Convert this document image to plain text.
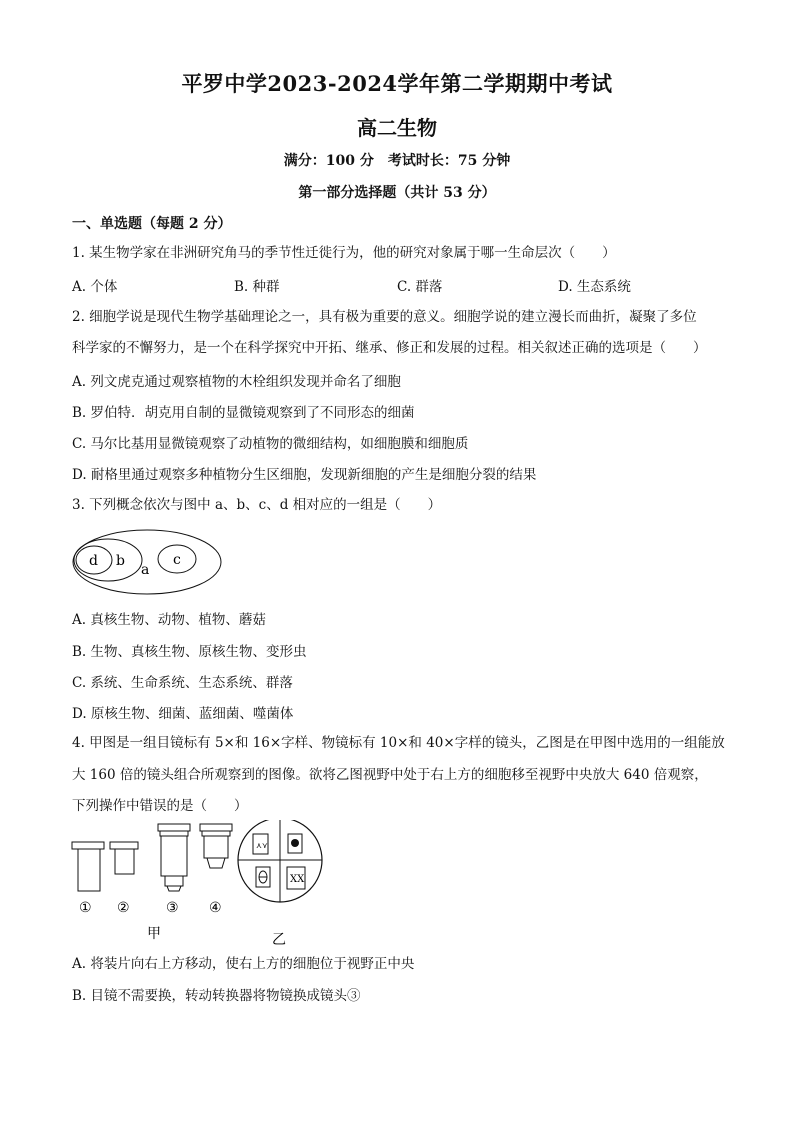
平罗中学2023-2024学年第二学期期中考试
高二生物
满分：100 分　考试时长：75 分钟
第一部分选择题（共计 53 分）
一、单选题（每题 2 分）
1. 某生物学家在非洲研究角马的季节性迁徙行为，他的研究对象属于哪一生命层次（　　）
A. 个体	B. 种群	C. 群落	D. 生态系统
2. 细胞学说是现代生物学基础理论之一，具有极为重要的意义。细胞学说的建立漫长而曲折，凝聚了多位
科学家的不懈努力，是一个在科学探究中开拓、继承、修正和发展的过程。相关叙述正确的选项是（　　）
A. 列文虎克通过观察植物的木栓组织发现并命名了细胞
B. 罗伯特．胡克用自制的显微镜观察到了不同形态的细菌
C. 马尔比基用显微镜观察了动植物的微细结构，如细胞膜和细胞质
D. 耐格里通过观察多种植物分生区细胞，发现新细胞的产生是细胞分裂的结果
3. 下列概念依次与图中 a、b、c、d 相对应的一组是（　　）
d b
a
c
A. 真核生物、动物、植物、蘑菇
B. 生物、真核生物、原核生物、变形虫
C. 系统、生命系统、生态系统、群落
D. 原核生物、细菌、蓝细菌、噬菌体
4. 甲图是一组目镜标有 5×和 16×字样、物镜标有 10×和 40×字样的镜头，乙图是在甲图中选用的一组能放
大 160 倍的镜头组合所观察到的图像。欲将乙图视野中处于右上方的细胞移至视野中央放大 640 倍观察，
下列操作中错误的是（　　）
⋏⋎
XX
① ②	③ ④
甲	乙
A. 将装片向右上方移动，使右上方的细胞位于视野正中央
B. 目镜不需要换，转动转换器将物镜换成镜头③
